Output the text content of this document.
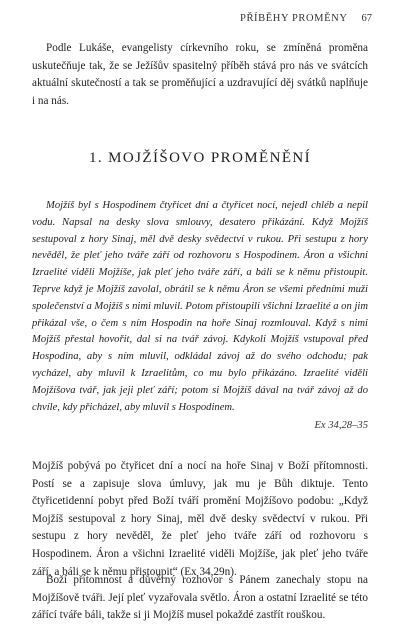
PŘÍBĚHY PROMĚNY 67

Podle Lukáše, evangelisty církevního roku, se zmíněná proměna uskutečňuje tak, že se Ježíšův spasitelný příběh stává pro nás ve svátcích aktuální skutečností a tak se proměňující a uzdravující děj svátků naplňuje i na nás.

1. MOJŽÍŠOVO PROMĚNĚNÍ

Mojžíš byl s Hospodinem čtyřicet dní a čtyřicet nocí, nejedl chléb a nepil vodu. Napsal na desky slova smlouvy, desatero přikázání. Když Mojžíš sestupoval z hory Sinaj, měl dvě desky svědectví v rukou. Při sestupu z hory nevěděl, že pleť jeho tváře září od rozhovoru s Hospodinem. Áron a všichni Izraelité viděli Mojžíše, jak pleť jeho tváře září, a báli se k němu přistoupit. Teprve když je Mojžíš zavolal, obrátil se k němu Áron se všemi předními muži společenství a Mojžíš s nimi mluvil. Potom přistoupili všichni Izraelité a on jim přikázal vše, o čem s ním Hospodin na hoře Sinaj rozmlouval. Když s nimi Mojžíš přestal hovořit, dal si na tvář závoj. Kdykoli Mojžíš vstupoval před Hospodina, aby s ním mluvil, odkládal závoj až do svého odchodu; pak vycházel, aby mluvil k Izraelitům, co mu bylo přikázáno. Izraelité viděli Mojžíšova tvář, jak jeji pleť září; potom si Mojžíš dával na tvář závoj až do chvíle, kdy přicházel, aby mluvil s Hospodinem.

Ex 34,28–35

Mojžíš pobývá po čtyřicet dní a nocí na hoře Sinaj v Boží přítomnosti. Postí se a zapisuje slova úmluvy, jak mu je Bůh diktuje. Tento čtyřicetidenní pobyt před Boží tváří promění Mojžíšovo podobu: „Když Mojžíš sestupoval z hory Sinaj, měl dvě desky svědectví v rukou. Při sestupu z hory nevěděl, že pleť jeho tváře září od rozhovoru s Hospodinem. Áron a všichni Izraelité viděli Mojžíše, jak pleť jeho tváře září, a báli se k němu přistoupit“ (Ex 34,29n).

Boží přítomnost a důvěrný rozhovor s Pánem zanechaly stopu na Mojžíšově tváři. Její pleť vyzařovala světlo. Áron a ostatní Izraelité se této zářící tváře báli, takže si ji Mojžíš musel pokaždé zastřít rouškou.
